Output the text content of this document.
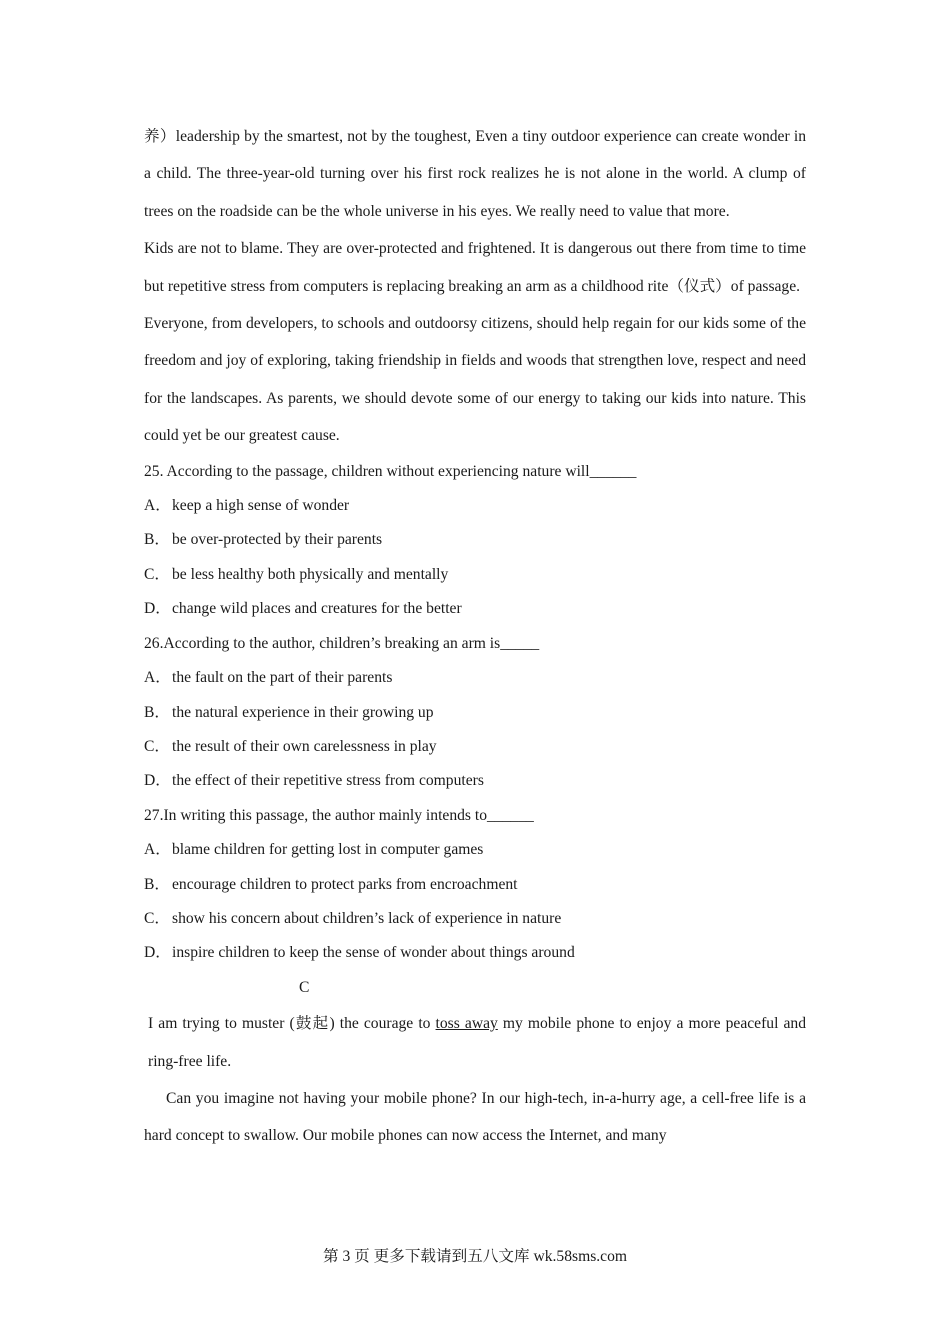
养）leadership by the smartest, not by the toughest, Even a tiny outdoor experience can create wonder in a child. The three-year-old turning over his first rock realizes he is not alone in the world. A clump of trees on the roadside can be the whole universe in his eyes. We really need to value that more.

Kids are not to blame. They are over-protected and frightened. It is dangerous out there from time to time but repetitive stress from computers is replacing breaking an arm as a childhood rite（仪式）of passage.

Everyone, from developers, to schools and outdoorsy citizens, should help regain for our kids some of the freedom and joy of exploring, taking friendship in fields and woods that strengthen love, respect and need for the landscapes. As parents, we should devote some of our energy to taking our kids into nature. This could yet be our greatest cause.

25. According to the passage, children without experiencing nature will______

A．keep a high sense of wonder

B． be over-protected by their parents

C． be less healthy both physically and mentally

D．change wild places and creatures for the better

26.According to the author, children’s breaking an arm is_____

A．the fault on the part of their parents

B． the natural experience in their growing up

C． the result of their own carelessness in play

D．the effect of their repetitive stress from computers

27.In writing this passage, the author mainly intends to______

A．blame children for getting lost in computer games

B． encourage children to protect parks from encroachment

C． show his concern about children’s lack of experience in nature

D．inspire children to keep the sense of wonder about things around

C

I am trying to muster (鼓起) the courage to toss away my mobile phone to enjoy a more peaceful and ring-free life.

Can you imagine not having your mobile phone? In our high-tech, in-a-hurry age, a cell-free life is a hard concept to swallow. Our mobile phones can now access the Internet, and many

第 3 页 更多下载请到五八文库 wk.58sms.com
